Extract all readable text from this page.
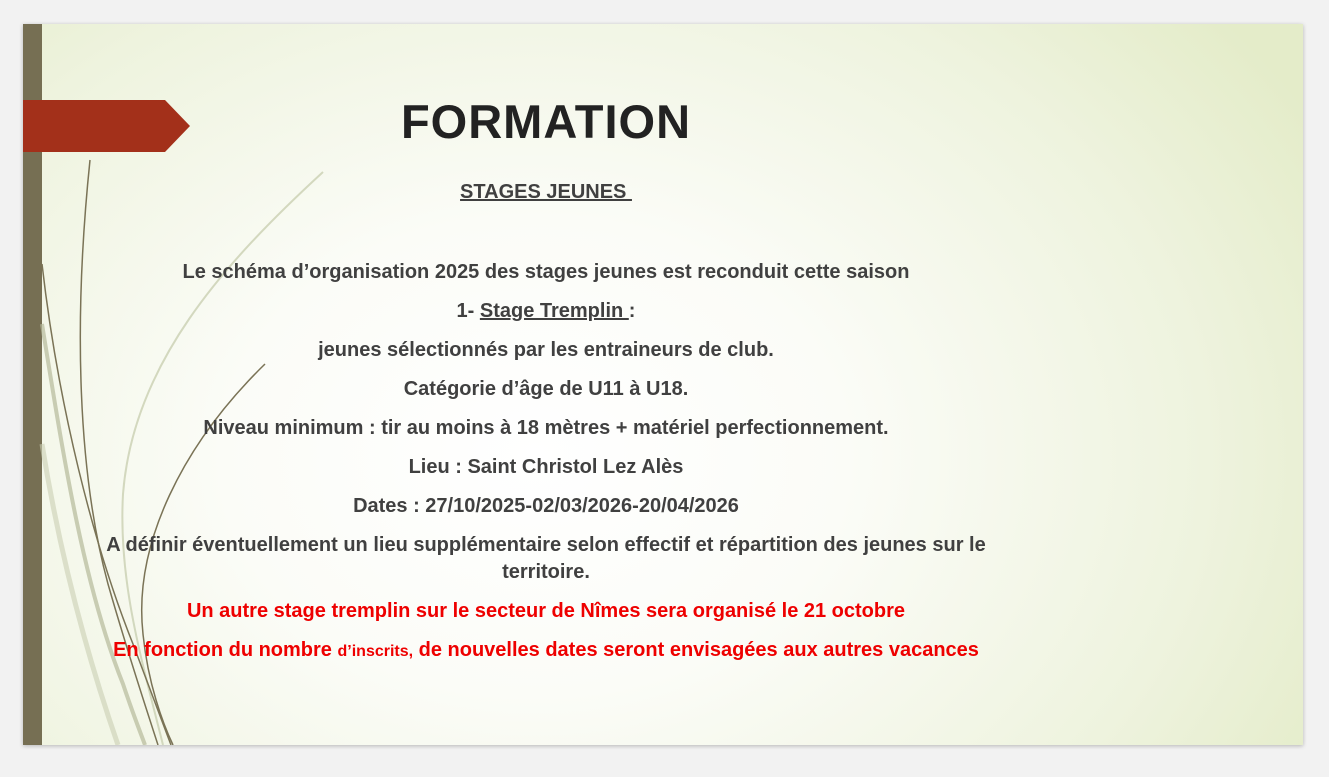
FORMATION

STAGES JEUNES

Le schéma d’organisation 2025 des stages jeunes est reconduit cette saison

1- Stage Tremplin :

jeunes sélectionnés par les entraineurs de club.

Catégorie d’âge de U11 à U18.

Niveau minimum : tir au moins à 18 mètres + matériel perfectionnement.

Lieu : Saint Christol Lez Alès

Dates : 27/10/2025-02/03/2026-20/04/2026

A définir éventuellement un lieu supplémentaire selon effectif et répartition des jeunes sur le territoire.

Un autre stage tremplin sur le secteur de Nîmes sera organisé le 21 octobre

En fonction du nombre d’inscrits, de nouvelles dates seront envisagées aux autres vacances
